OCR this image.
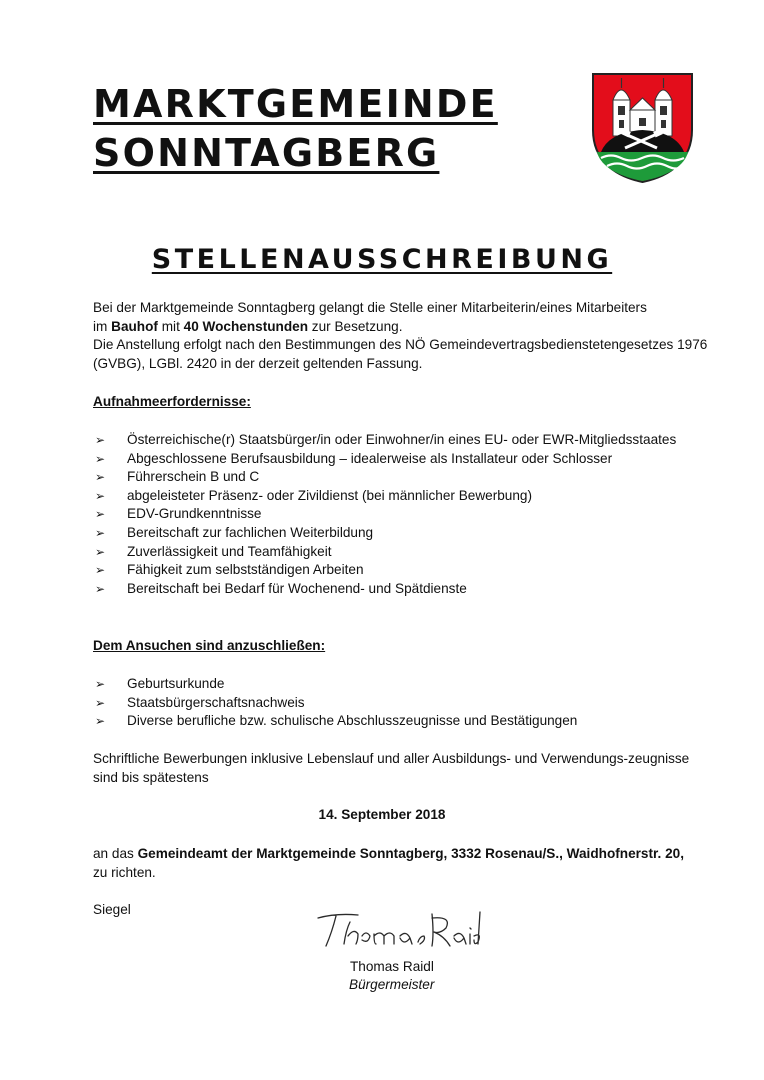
MARKTGEMEINDE
SONNTAGBERG
STELLENAUSSCHREIBUNG

Bei der Marktgemeinde Sonntagberg gelangt die Stelle einer Mitarbeiterin/eines Mitarbeiters
im Bauhof mit 40 Wochenstunden zur Besetzung.
Die Anstellung erfolgt nach den Bestimmungen des NÖ Gemeindevertragsbedienstetengesetzes 1976 (GVBG), LGBl. 2420 in der derzeit geltenden Fassung.

Aufnahmeerfordernisse:

➢ Österreichische(r) Staatsbürger/in oder Einwohner/in eines EU- oder EWR-Mitgliedsstaates
➢ Abgeschlossene Berufsausbildung – idealerweise als Installateur oder Schlosser
➢ Führerschein B und C
➢ abgeleisteter Präsenz- oder Zivildienst (bei männlicher Bewerbung)
➢ EDV-Grundkenntnisse
➢ Bereitschaft zur fachlichen Weiterbildung
➢ Zuverlässigkeit und Teamfähigkeit
➢ Fähigkeit zum selbstständigen Arbeiten
➢ Bereitschaft bei Bedarf für Wochenend- und Spätdienste

Dem Ansuchen sind anzuschließen:

➢ Geburtsurkunde
➢ Staatsbürgerschaftsnachweis
➢ Diverse berufliche bzw. schulische Abschlusszeugnisse und Bestätigungen

Schriftliche Bewerbungen inklusive Lebenslauf und aller Ausbildungs- und Verwendungs-zeugnisse sind bis spätestens

14. September 2018

an das Gemeindeamt der Marktgemeinde Sonntagberg, 3332 Rosenau/S., Waidhofnerstr. 20,
zu richten.

Siegel

Thomas Raidl

Bürgermeister
